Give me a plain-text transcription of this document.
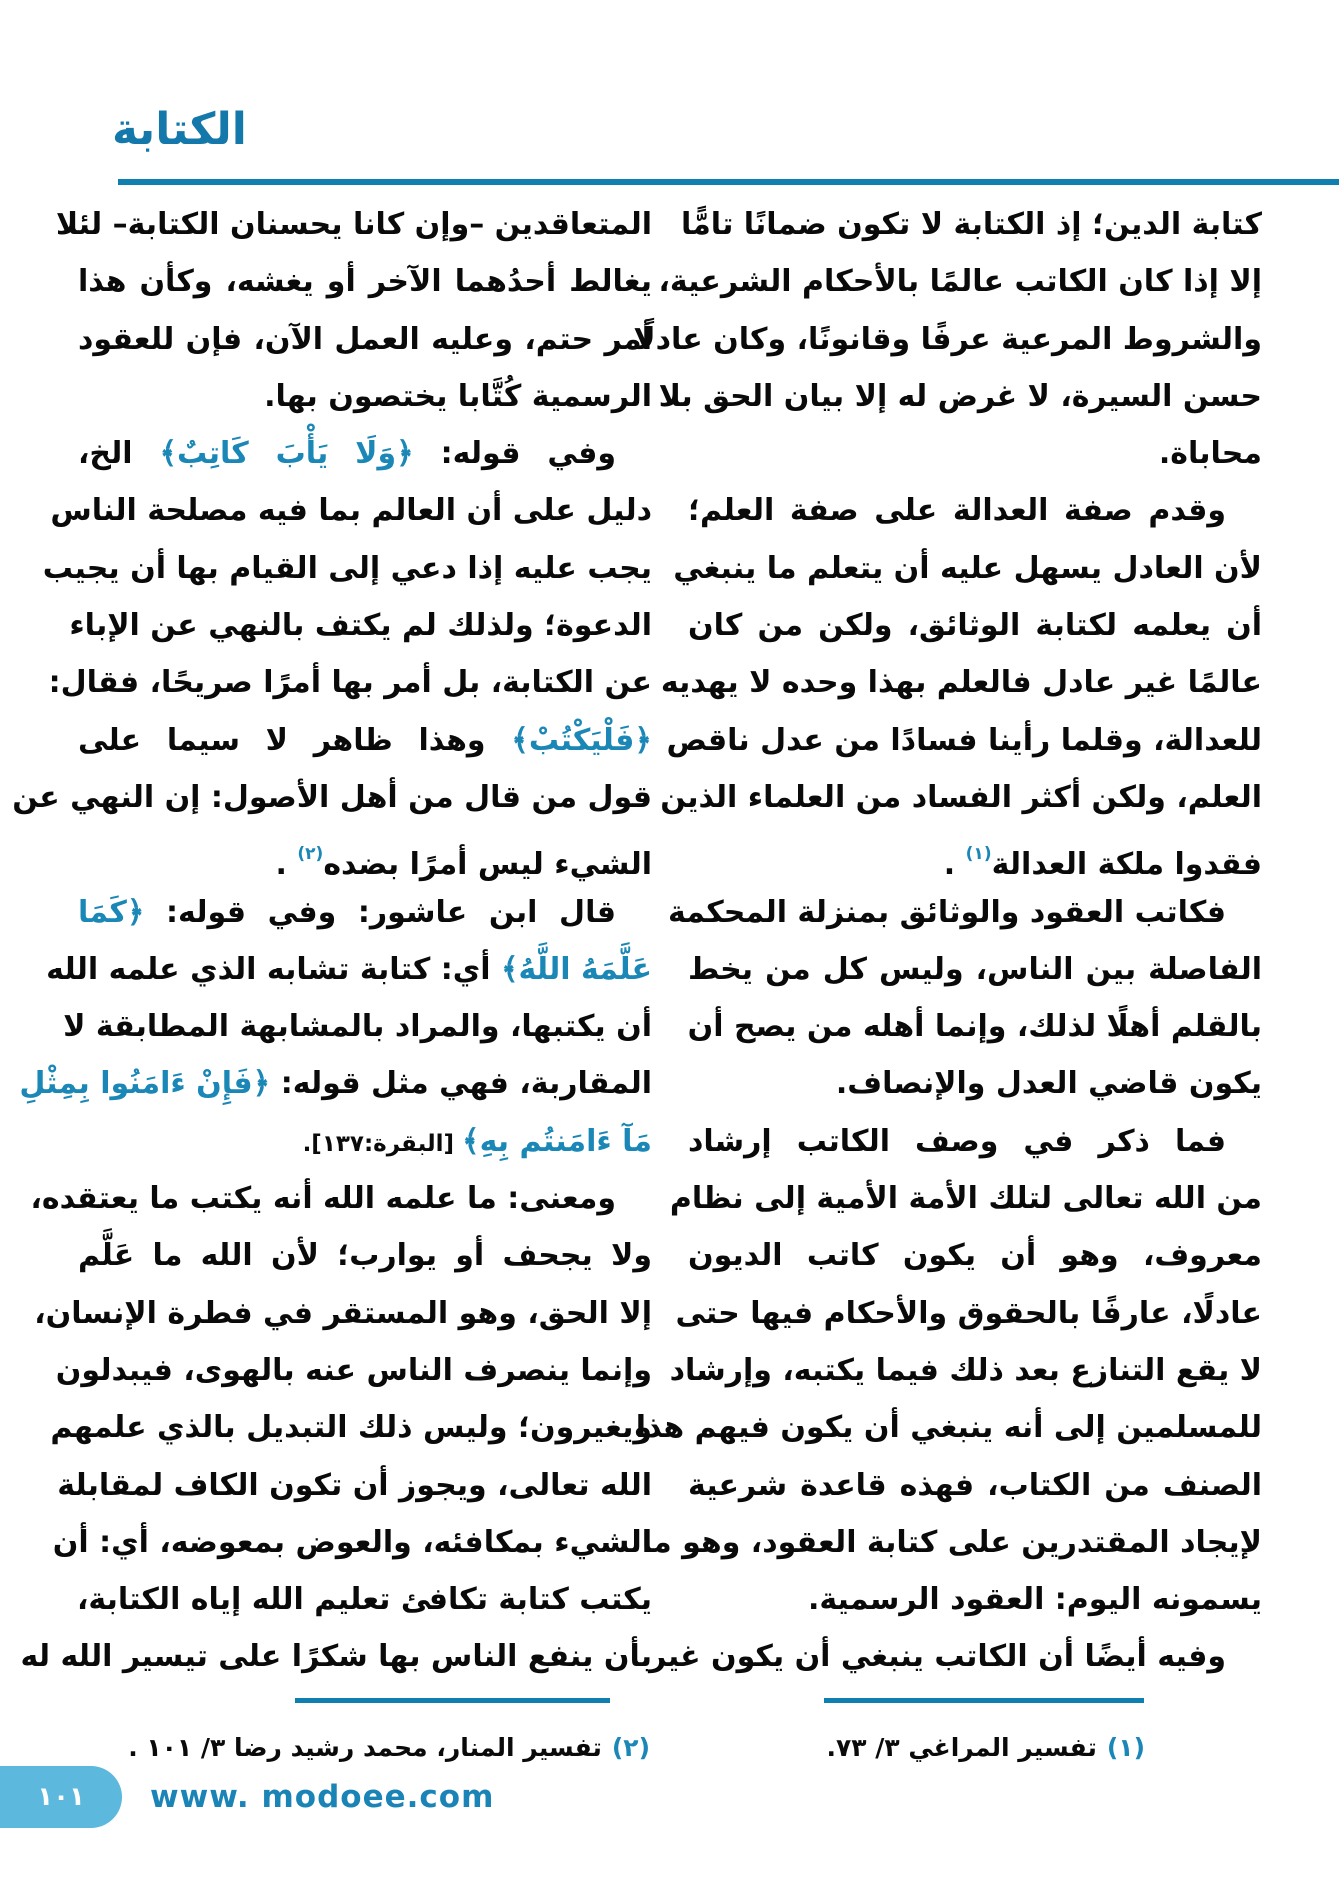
الكتابة
كتابة الدين؛ إذ الكتابة لا تكون ضمانًا تامًّا
إلا إذا كان الكاتب عالمًا بالأحكام الشرعية،
والشروط المرعية عرفًا وقانونًا، وكان عادلًا
حسن السيرة، لا غرض له إلا بيان الحق بلا
محاباة.
وقدم صفة العدالة على صفة العلم؛
لأن العادل يسهل عليه أن يتعلم ما ينبغي
أن يعلمه لكتابة الوثائق، ولكن من كان
عالمًا غير عادل فالعلم بهذا وحده لا يهديه
للعدالة، وقلما رأينا فسادًا من عدل ناقص
العلم، ولكن أكثر الفساد من العلماء الذين
فقدوا ملكة العدالة$^{(١)}$ .
فكاتب العقود والوثائق بمنزلة المحكمة
الفاصلة بين الناس، وليس كل من يخط
بالقلم أهلًا لذلك، وإنما أهله من يصح أن
يكون قاضي العدل والإنصاف.
فما ذكر في وصف الكاتب إرشاد
من الله تعالى لتلك الأمة الأمية إلى نظام
معروف، وهو أن يكون كاتب الديون
عادلًا، عارفًا بالحقوق والأحكام فيها حتى
لا يقع التنازع بعد ذلك فيما يكتبه، وإرشاد
للمسلمين إلى أنه ينبغي أن يكون فيهم هذا
الصنف من الكتاب، فهذه قاعدة شرعية
لإيجاد المقتدرين على كتابة العقود، وهو ما
يسمونه اليوم: العقود الرسمية.
وفيه أيضًا أن الكاتب ينبغي أن يكون غير
المتعاقدين –وإن كانا يحسنان الكتابة– لئلا
يغالط أحدُهما الآخر أو يغشه، وكأن هذا
أمر حتم، وعليه العمل الآن، فإن للعقود
الرسمية كُتَّابا يختصون بها.
وفي قوله: ﴿وَلَا يَأْبَ كَاتِبٌ﴾ الخ،
دليل على أن العالم بما فيه مصلحة الناس
يجب عليه إذا دعي إلى القيام بها أن يجيب
الدعوة؛ ولذلك لم يكتف بالنهي عن الإباء
عن الكتابة، بل أمر بها أمرًا صريحًا، فقال:
﴿فَلْيَكْتُبْ﴾ وهذا ظاهر لا سيما على
قول من قال من أهل الأصول: إن النهي عن
الشيء ليس أمرًا بضده$^{(٢)}$ .
قال ابن عاشور: وفي قوله: ﴿كَمَا
عَلَّمَهُ اللَّهُ﴾ أي: كتابة تشابه الذي علمه الله
أن يكتبها، والمراد بالمشابهة المطابقة لا
المقاربة، فهي مثل قوله: ﴿فَإِنْ ءَامَنُوا بِمِثْلِ
مَآ ءَامَنتُم بِهِ﴾ [البقرة:١٣٧].
ومعنى: ما علمه الله أنه يكتب ما يعتقده،
ولا يجحف أو يوارب؛ لأن الله ما عَلَّم
إلا الحق، وهو المستقر في فطرة الإنسان،
وإنما ينصرف الناس عنه بالهوى، فيبدلون
ويغيرون؛ وليس ذلك التبديل بالذي علمهم
الله تعالى، ويجوز أن تكون الكاف لمقابلة
الشيء بمكافئه، والعوض بمعوضه، أي: أن
يكتب كتابة تكافئ تعليم الله إياه الكتابة،
بأن ينفع الناس بها شكرًا على تيسير الله له
(١)تفسير المراغي ٣/ ٧٣.
(٢)تفسير المنار، محمد رشيد رضا ٣/ ١٠١ .
١٠١ www. modoee.com
